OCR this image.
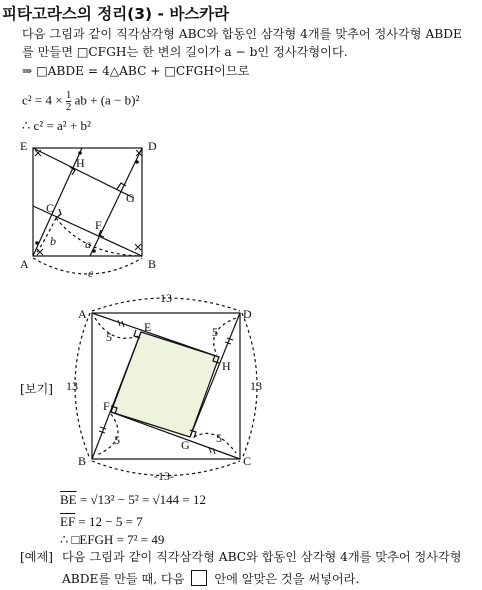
피타고라스의 정리(3) - 바스카라
다음 그림과 같이 직각삼각형 ABC와 합동인 삼각형 4개를 맞추어 정사각형 ABDE
를 만들면 □CFGH는 한 변의 길이가 a − b인 정사각형이다.
⇒ □ABDE = 4△ABC + □CFGH이므로
$c^2 = 4 \times \frac{1}{2}$ ab + (a − b)²
∴ c² = a² + b²
E	D
A	B
H
G
C
F
a
b
c
A	D
B	C
E
H
F
G
13
-13-
13	13
5	5
5
5
[보기]
$\overline{BE} = √13^2 - 5^2 = √144 = 12$
$\overline{EF} = 12 - 5 = 7$
∴ □EFGH = 7² = 49
[예제] 다음 그림과 같이 직각삼각형 ABC와 합동인 삼각형 4개를 맞추어 정사각형
ABDE를 만들 때, 다음 안에 알맞은 것을 써넣어라.
